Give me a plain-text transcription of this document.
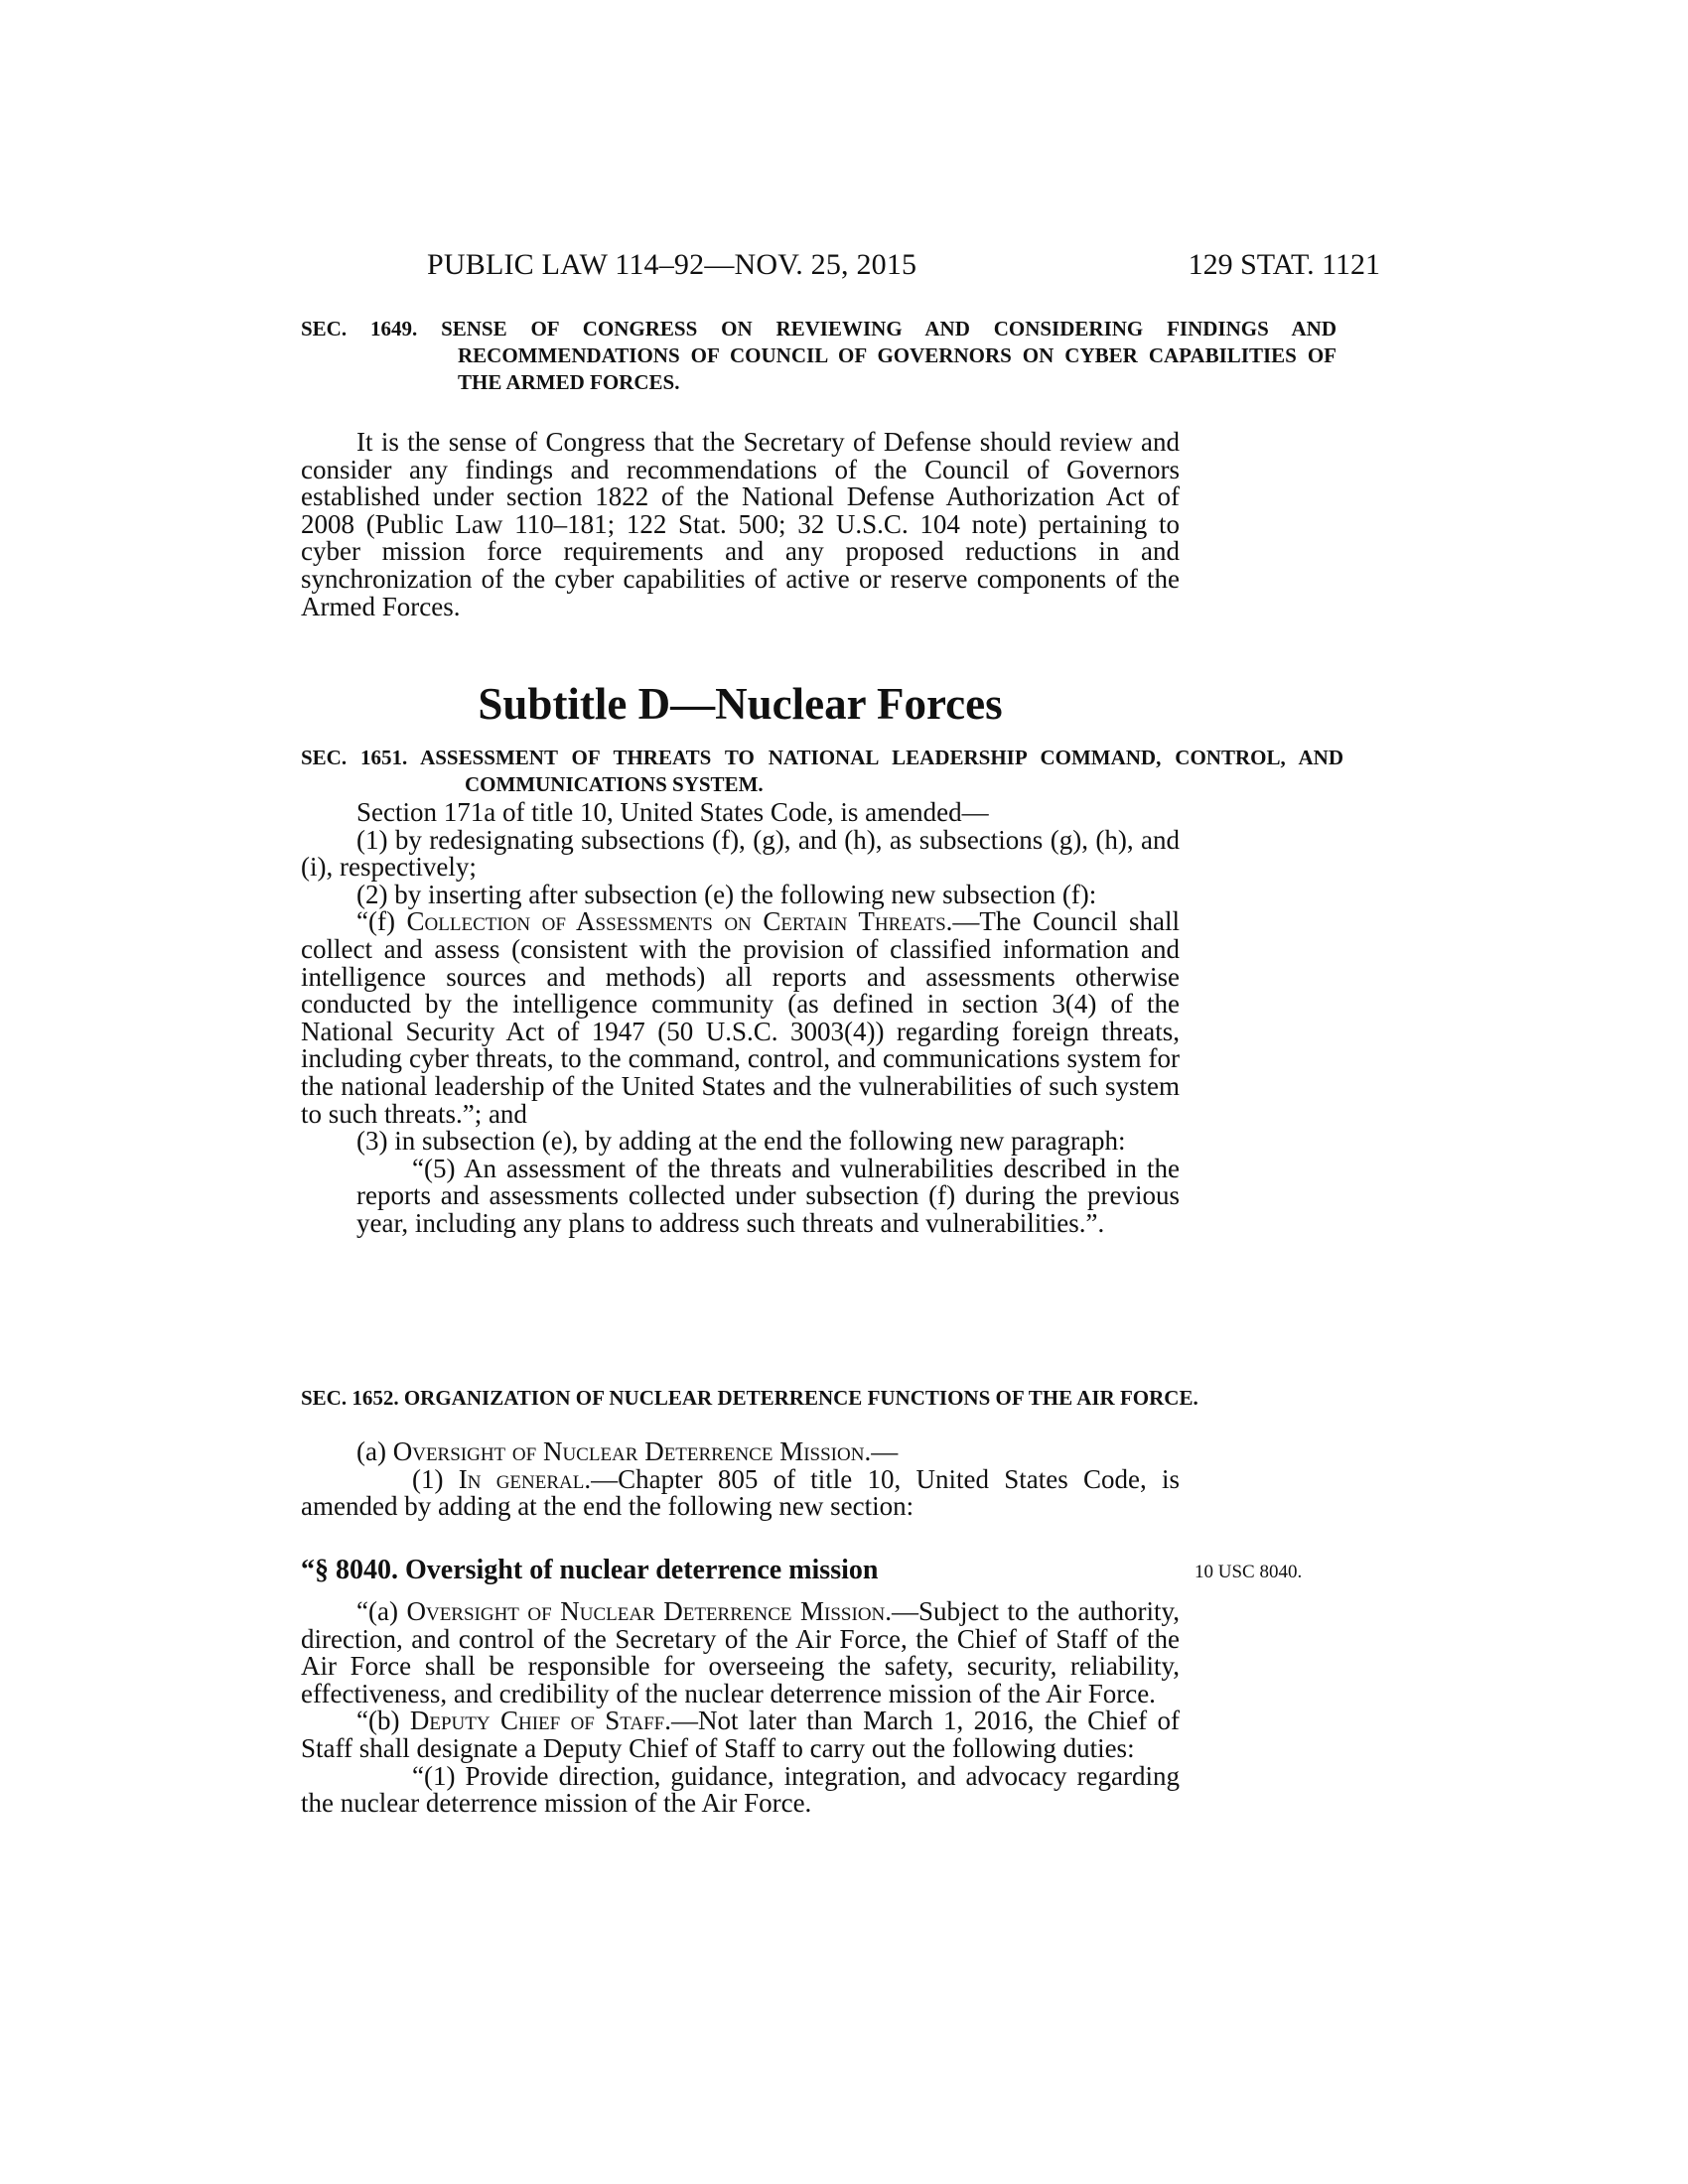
PUBLIC LAW 114–92—NOV. 25, 2015	129 STAT. 1121
SEC. 1649. SENSE OF CONGRESS ON REVIEWING AND CONSIDERING FINDINGS AND RECOMMENDATIONS OF COUNCIL OF GOVERNORS ON CYBER CAPABILITIES OF THE ARMED FORCES.

It is the sense of Congress that the Secretary of Defense should review and consider any findings and recommendations of the Council of Governors established under section 1822 of the National Defense Authorization Act of 2008 (Public Law 110–181; 122 Stat. 500; 32 U.S.C. 104 note) pertaining to cyber mission force requirements and any proposed reductions in and synchronization of the cyber capabilities of active or reserve components of the Armed Forces.

Subtitle D—Nuclear Forces
SEC. 1651. ASSESSMENT OF THREATS TO NATIONAL LEADERSHIP COMMAND, CONTROL, AND COMMUNICATIONS SYSTEM.

Section 171a of title 10, United States Code, is amended—

(1) by redesignating subsections (f), (g), and (h), as subsections (g), (h), and (i), respectively;

(2) by inserting after subsection (e) the following new subsection (f):

“(f) Collection of Assessments on Certain Threats.—The Council shall collect and assess (consistent with the provision of classified information and intelligence sources and methods) all reports and assessments otherwise conducted by the intelligence community (as defined in section 3(4) of the National Security Act of 1947 (50 U.S.C. 3003(4)) regarding foreign threats, including cyber threats, to the command, control, and communications system for the national leadership of the United States and the vulnerabilities of such system to such threats.”; and

(3) in subsection (e), by adding at the end the following new paragraph:

“(5) An assessment of the threats and vulnerabilities described in the reports and assessments collected under subsection (f) during the previous year, including any plans to address such threats and vulnerabilities.”.

SEC. 1652. ORGANIZATION OF NUCLEAR DETERRENCE FUNCTIONS OF THE AIR FORCE.

(a) Oversight of Nuclear Deterrence Mission.—

(1) In general.—Chapter 805 of title 10, United States Code, is amended by adding at the end the following new section:

“§ 8040. Oversight of nuclear deterrence mission	10 USC 8040.

“(a) Oversight of Nuclear Deterrence Mission.—Subject to the authority, direction, and control of the Secretary of the Air Force, the Chief of Staff of the Air Force shall be responsible for overseeing the safety, security, reliability, effectiveness, and credibility of the nuclear deterrence mission of the Air Force.

“(b) Deputy Chief of Staff.—Not later than March 1, 2016, the Chief of Staff shall designate a Deputy Chief of Staff to carry out the following duties:

“(1) Provide direction, guidance, integration, and advocacy regarding the nuclear deterrence mission of the Air Force.
